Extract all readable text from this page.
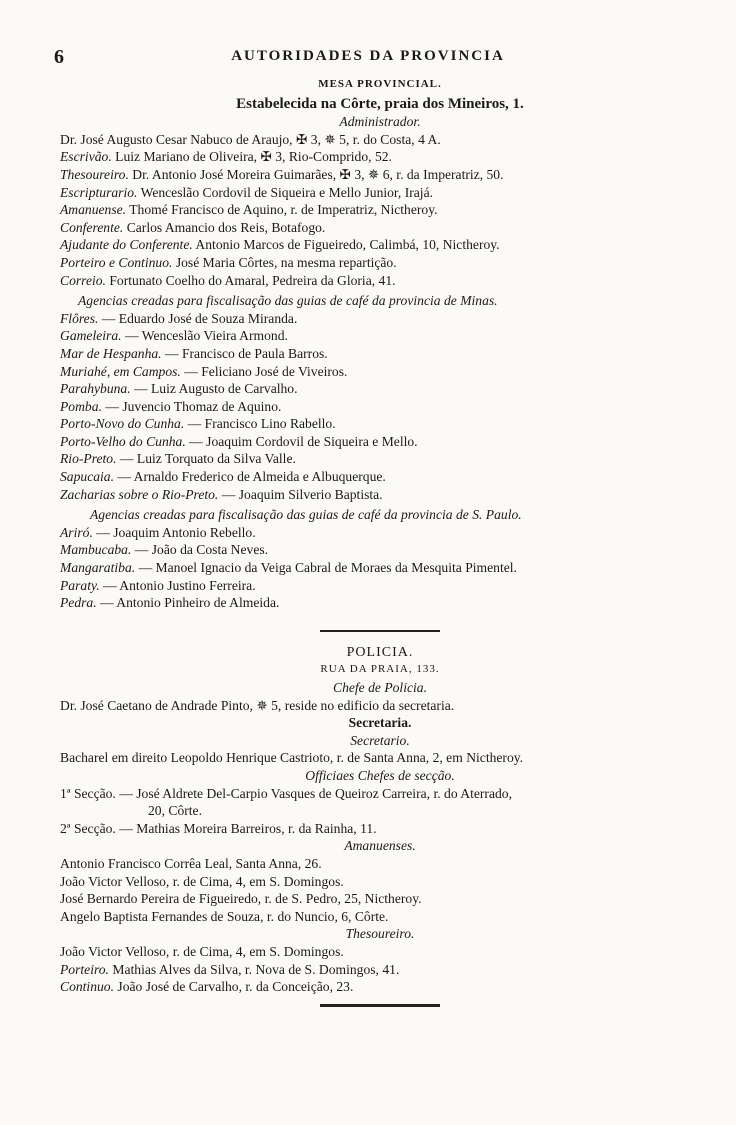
6	AUTORIDADES DA PROVINCIA
MESA PROVINCIAL.
Estabelecida na Côrte, praia dos Mineiros, 1.
Administrador.
Dr. José Augusto Cesar Nabuco de Araujo, ✠ 3, ✵ 5, r. do Costa, 4 A.
Escrivão. Luiz Mariano de Oliveira, ✠ 3, Rio-Comprido, 52.
Thesoureiro. Dr. Antonio José Moreira Guimarães, ✠ 3, ✵ 6, r. da Imperatriz, 50.
Escripturario. Wenceslão Cordovil de Siqueira e Mello Junior, Irajá.
Amanuense. Thomé Francisco de Aquino, r. de Imperatriz, Nictheroy.
Conferente. Carlos Amancio dos Reis, Botafogo.
Ajudante do Conferente. Antonio Marcos de Figueiredo, Calimbá, 10, Nictheroy.
Porteiro e Continuo. José Maria Côrtes, na mesma repartição.
Correio. Fortunato Coelho do Amaral, Pedreira da Gloria, 41.
Agencias creadas para fiscalisação das guias de café da provincia de Minas.
Flôres. — Eduardo José de Souza Miranda.
Gameleira. — Wenceslão Vieira Armond.
Mar de Hespanha. — Francisco de Paula Barros.
Muriahé, em Campos. — Feliciano José de Viveiros.
Parahybuna. — Luiz Augusto de Carvalho.
Pomba. — Juvencio Thomaz de Aquino.
Porto-Novo do Cunha. — Francisco Lino Rabello.
Porto-Velho do Cunha. — Joaquim Cordovil de Siqueira e Mello.
Rio-Preto. — Luiz Torquato da Silva Valle.
Sapucaia. — Arnaldo Frederico de Almeida e Albuquerque.
Zacharias sobre o Rio-Preto. — Joaquim Silverio Baptista.
Agencias creadas para fiscalisação das guias de café da provincia de S. Paulo.
Ariró. — Joaquim Antonio Rebello.
Mambucaba. — João da Costa Neves.
Mangaratiba. — Manoel Ignacio da Veiga Cabral de Moraes da Mesquita Pimentel.
Paraty. — Antonio Justino Ferreira.
Pedra. — Antonio Pinheiro de Almeida.
POLICIA.
RUA DA PRAIA, 133.
Chefe de Policia.
Dr. José Caetano de Andrade Pinto, ✵ 5, reside no edificio da secretaria.
Secretaria.
Secretario.
Bacharel em direito Leopoldo Henrique Castrioto, r. de Santa Anna, 2, em Nictheroy.
Officiaes Chefes de secção.
1ª Secção. — José Aldrete Del-Carpio Vasques de Queiroz Carreira, r. do Aterrado,
20, Côrte.
2ª Secção. — Mathias Moreira Barreiros, r. da Rainha, 11.
Amanuenses.
Antonio Francisco Corrêa Leal, Santa Anna, 26.
João Victor Velloso, r. de Cima, 4, em S. Domingos.
José Bernardo Pereira de Figueiredo, r. de S. Pedro, 25, Nictheroy.
Angelo Baptista Fernandes de Souza, r. do Nuncio, 6, Côrte.
Thesoureiro.
João Victor Velloso, r. de Cima, 4, em S. Domingos.
Porteiro. Mathias Alves da Silva, r. Nova de S. Domingos, 41.
Continuo. João José de Carvalho, r. da Conceição, 23.
